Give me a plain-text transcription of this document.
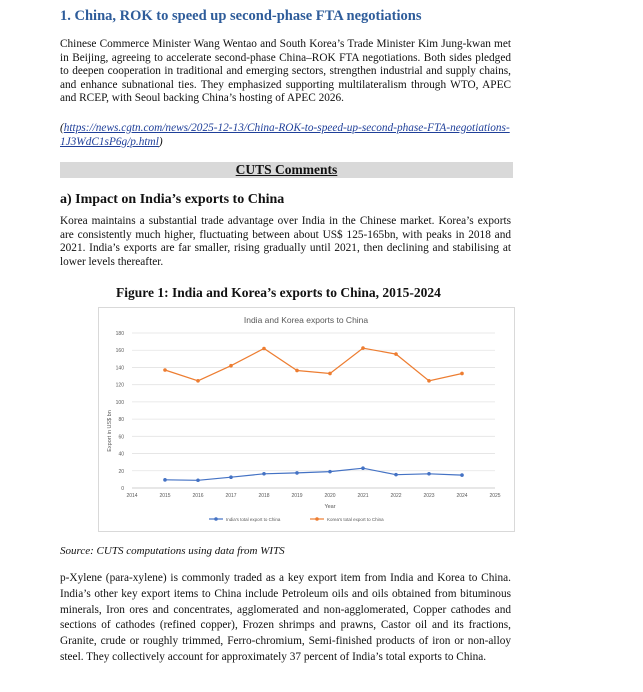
1. China, ROK to speed up second-phase FTA negotiations

Chinese Commerce Minister Wang Wentao and South Korea’s Trade Minister Kim Jung-kwan met in Beijing, agreeing to accelerate second-phase China–ROK FTA negotiations. Both sides pledged to deepen cooperation in traditional and emerging sectors, strengthen industrial and supply chains, and enhance subnational ties. They emphasized supporting multilateralism through WTO, APEC and RCEP, with Seoul backing China’s hosting of APEC 2026.

(https://news.cgtn.com/news/2025-12-13/China-ROK-to-speed-up-second-phase-FTA-negotiations-1J3WdC1sP6g/p.html)
CUTS Comments
a) Impact on India’s exports to China

Korea maintains a substantial trade advantage over India in the Chinese market. Korea’s exports are consistently much higher, fluctuating between about US$ 125-165bn, with peaks in 2018 and 2021. India’s exports are far smaller, rising gradually until 2021, then declining and stabilising at lower levels thereafter.

Figure 1: India and Korea’s exports to China, 2015-2024
0
20
40
60
80
100
120
140
160
180
2014	2015	2016	2017	2018	2019	2020	2021	2022	2023	2024	2025
India and Korea exports to China
Year
Export in US$ bn
India's total export to China	Korea's total export to China
Source: CUTS computations using data from WITS

p-Xylene (para-xylene) is commonly traded as a key export item from India and Korea to China. India’s other key export items to China include Petroleum oils and oils obtained from bituminous minerals, Iron ores and concentrates, agglomerated and non-agglomerated, Copper cathodes and sections of cathodes (refined copper), Frozen shrimps and prawns, Castor oil and its fractions, Granite, crude or roughly trimmed, Ferro-chromium, Semi-finished products of iron or non-alloy steel. They collectively account for approximately 37 percent of India’s total exports to China.
